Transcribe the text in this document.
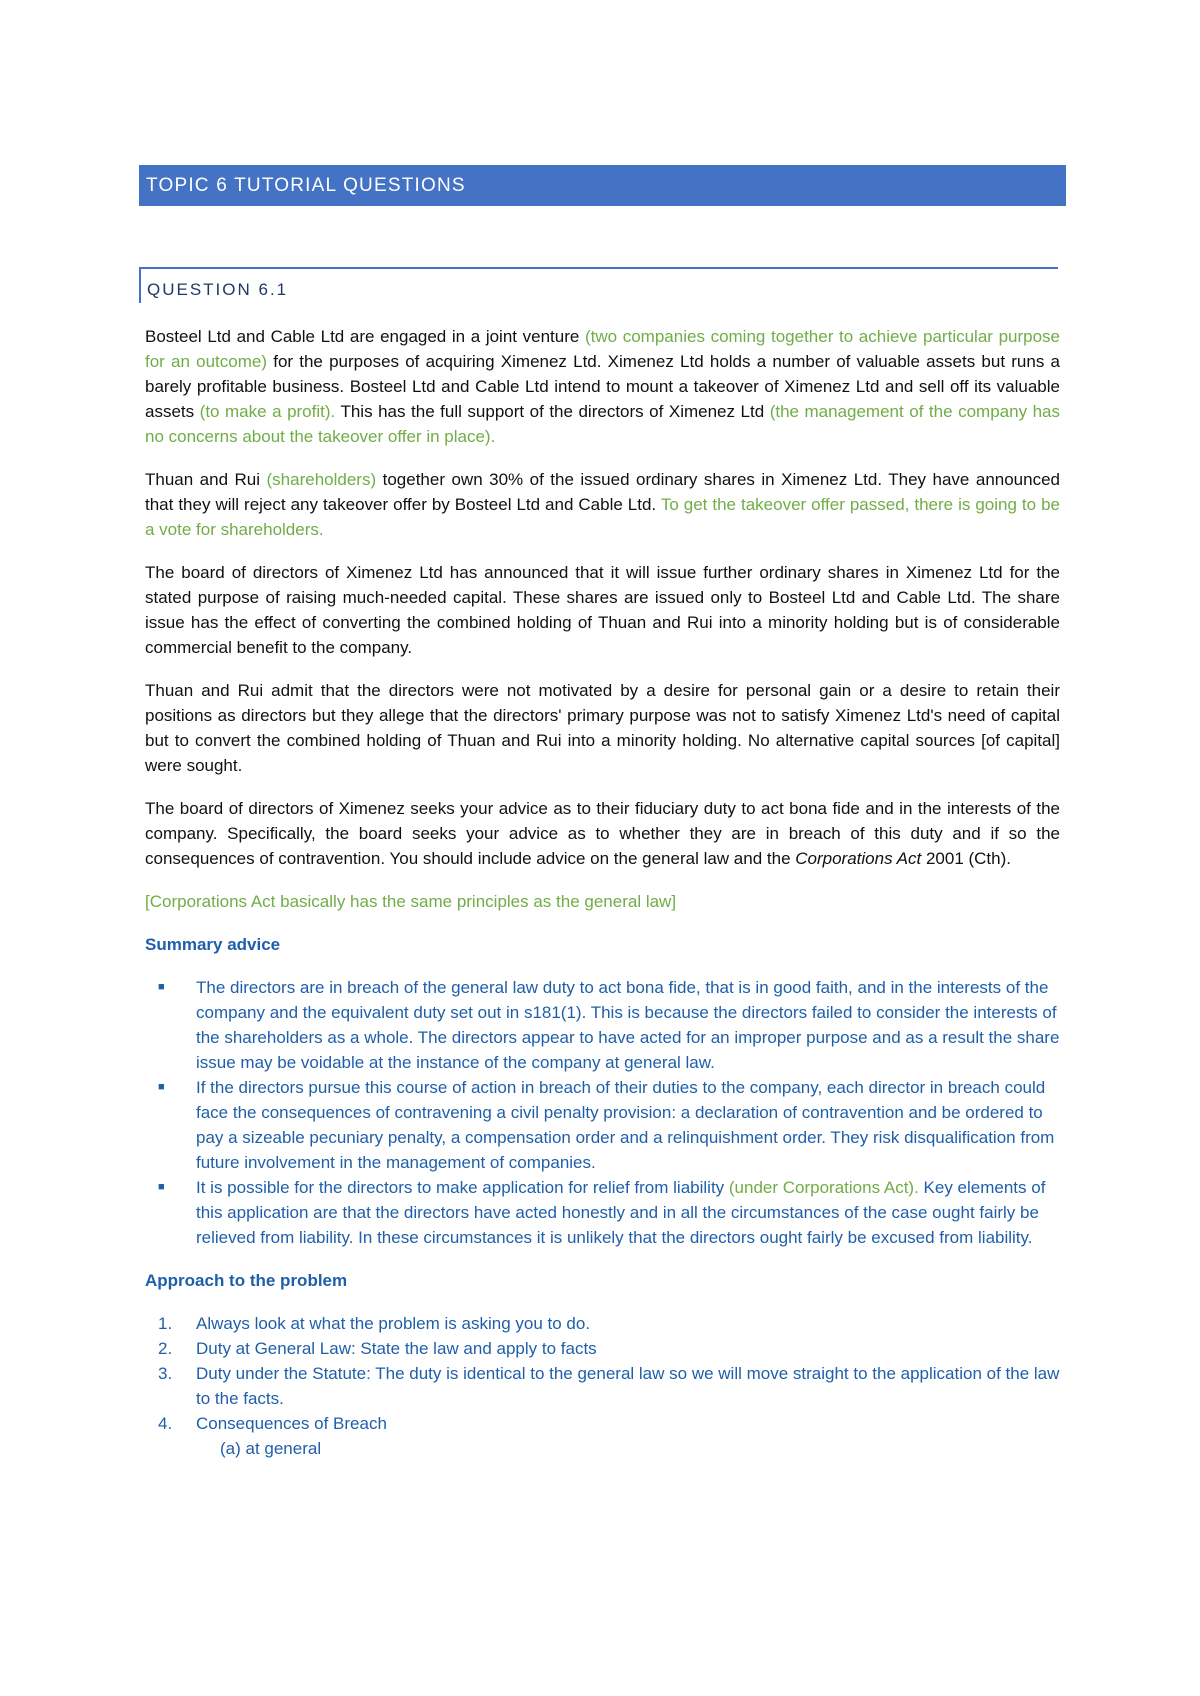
TOPIC 6 TUTORIAL QUESTIONS
QUESTION 6.1

Bosteel Ltd and Cable Ltd are engaged in a joint venture (two companies coming together to achieve particular purpose for an outcome) for the purposes of acquiring Ximenez Ltd. Ximenez Ltd holds a number of valuable assets but runs a barely profitable business. Bosteel Ltd and Cable Ltd intend to mount a takeover of Ximenez Ltd and sell off its valuable assets (to make a profit). This has the full support of the directors of Ximenez Ltd (the management of the company has no concerns about the takeover offer in place).

Thuan and Rui (shareholders) together own 30% of the issued ordinary shares in Ximenez Ltd. They have announced that they will reject any takeover offer by Bosteel Ltd and Cable Ltd. To get the takeover offer passed, there is going to be a vote for shareholders.

The board of directors of Ximenez Ltd has announced that it will issue further ordinary shares in Ximenez Ltd for the stated purpose of raising much-needed capital. These shares are issued only to Bosteel Ltd and Cable Ltd. The share issue has the effect of converting the combined holding of Thuan and Rui into a minority holding but is of considerable commercial benefit to the company.

Thuan and Rui admit that the directors were not motivated by a desire for personal gain or a desire to retain their positions as directors but they allege that the directors' primary purpose was not to satisfy Ximenez Ltd's need of capital but to convert the combined holding of Thuan and Rui into a minority holding. No alternative capital sources [of capital] were sought.

The board of directors of Ximenez seeks your advice as to their fiduciary duty to act bona fide and in the interests of the company. Specifically, the board seeks your advice as to whether they are in breach of this duty and if so the consequences of contravention. You should include advice on the general law and the Corporations Act 2001 (Cth).

[Corporations Act basically has the same principles as the general law]

Summary advice

■ The directors are in breach of the general law duty to act bona fide, that is in good faith, and in the interests of the company and the equivalent duty set out in s181(1). This is because the directors failed to consider the interests of the shareholders as a whole. The directors appear to have acted for an improper purpose and as a result the share issue may be voidable at the instance of the company at general law.
■ If the directors pursue this course of action in breach of their duties to the company, each director in breach could face the consequences of contravening a civil penalty provision: a declaration of contravention and be ordered to pay a sizeable pecuniary penalty, a compensation order and a relinquishment order. They risk disqualification from future involvement in the management of companies.
■ It is possible for the directors to make application for relief from liability (under Corporations Act). Key elements of this application are that the directors have acted honestly and in all the circumstances of the case ought fairly be relieved from liability. In these circumstances it is unlikely that the directors ought fairly be excused from liability.

Approach to the problem

1. Always look at what the problem is asking you to do.
2. Duty at General Law: State the law and apply to facts
3. Duty under the Statute: The duty is identical to the general law so we will move straight to the application of the law to the facts.
4. Consequences of Breach
(a) at general
